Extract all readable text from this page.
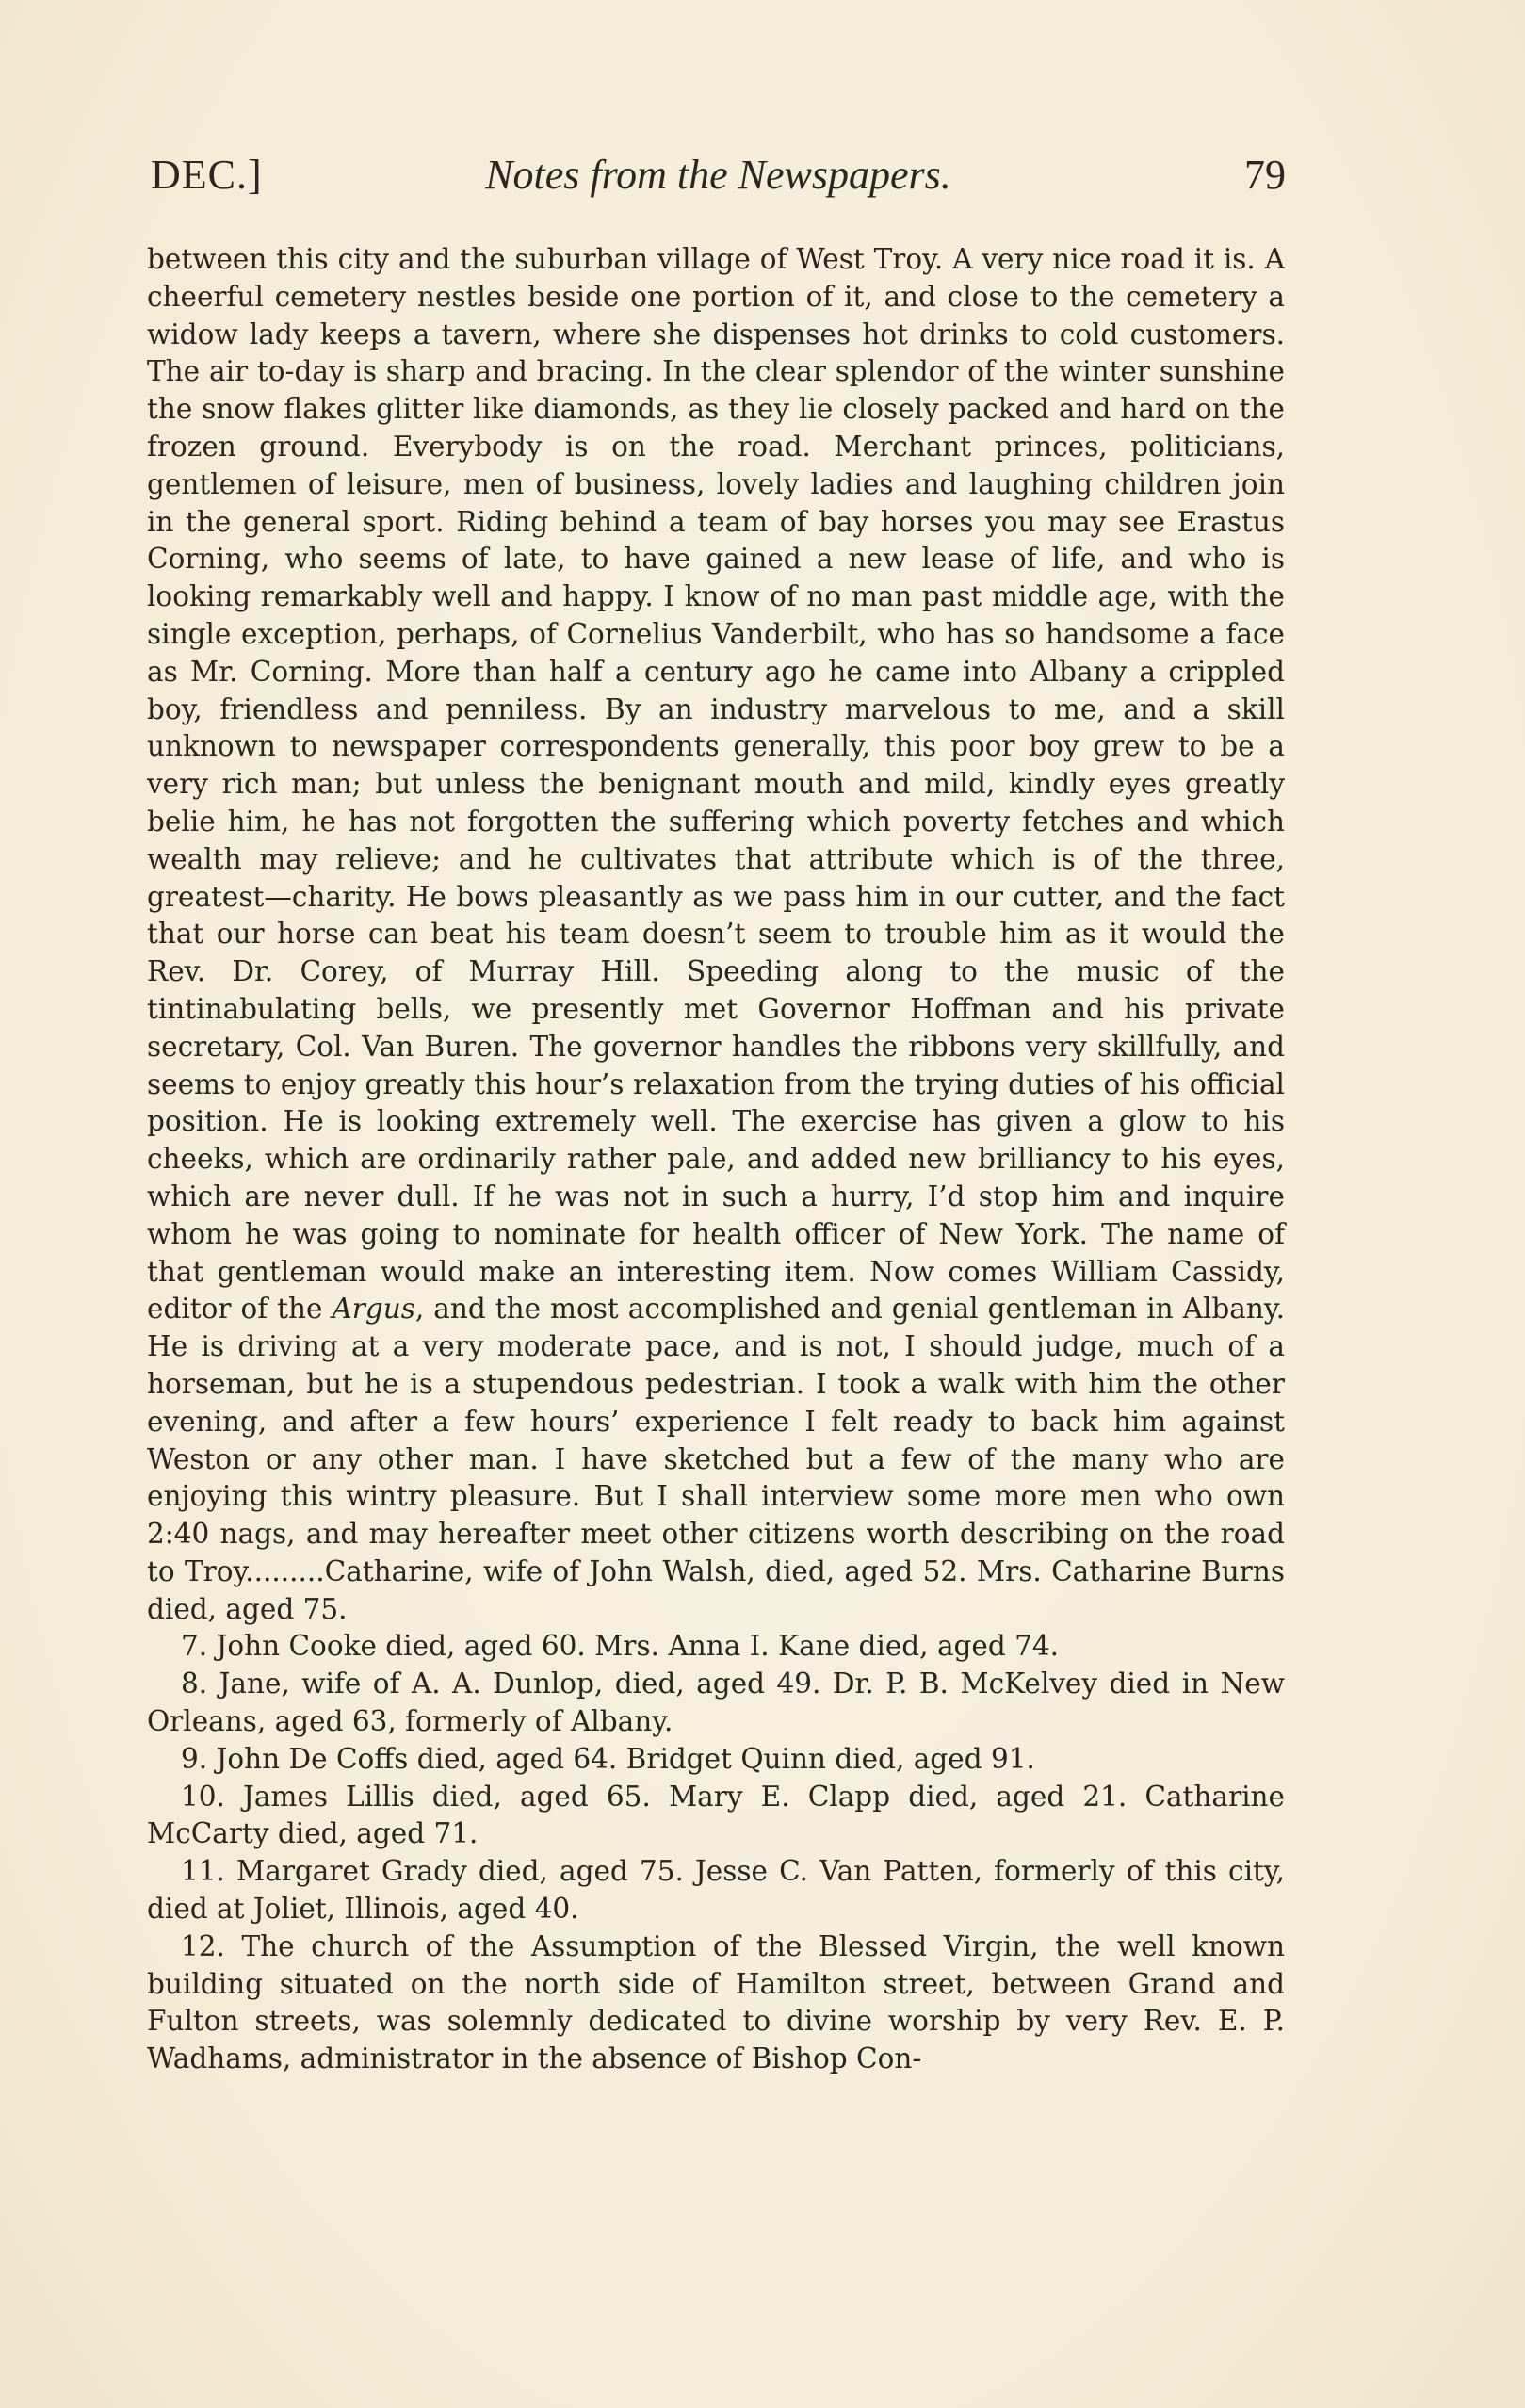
DEC.]	Notes from the Newspapers.	79

between this city and the suburban village of West Troy. A very nice road it is. A cheerful cemetery nestles beside one portion of it, and close to the cemetery a widow lady keeps a tavern, where she dispenses hot drinks to cold customers. The air to-day is sharp and bracing. In the clear splendor of the winter sunshine the snow flakes glitter like diamonds, as they lie closely packed and hard on the frozen ground. Everybody is on the road. Merchant princes, politicians, gentlemen of leisure, men of business, lovely ladies and laughing children join in the general sport. Riding behind a team of bay horses you may see Erastus Corning, who seems of late, to have gained a new lease of life, and who is looking remarkably well and happy. I know of no man past middle age, with the single exception, perhaps, of Cornelius Vanderbilt, who has so handsome a face as Mr. Corning. More than half a century ago he came into Albany a crippled boy, friendless and penniless. By an industry marvelous to me, and a skill unknown to newspaper correspondents generally, this poor boy grew to be a very rich man; but unless the benignant mouth and mild, kindly eyes greatly belie him, he has not forgotten the suffering which poverty fetches and which wealth may relieve; and he cultivates that attribute which is of the three, greatest—charity. He bows pleasantly as we pass him in our cutter, and the fact that our horse can beat his team doesn’t seem to trouble him as it would the Rev. Dr. Corey, of Murray Hill. Speeding along to the music of the tintinabulating bells, we presently met Governor Hoffman and his private secretary, Col. Van Buren. The governor handles the ribbons very skillfully, and seems to enjoy greatly this hour’s relaxation from the trying duties of his official position. He is looking extremely well. The exercise has given a glow to his cheeks, which are ordinarily rather pale, and added new brilliancy to his eyes, which are never dull. If he was not in such a hurry, I’d stop him and inquire whom he was going to nominate for health officer of New York. The name of that gentleman would make an interesting item. Now comes William Cassidy, editor of the Argus, and the most accomplished and genial gentleman in Albany. He is driving at a very moderate pace, and is not, I should judge, much of a horseman, but he is a stupendous pedestrian. I took a walk with him the other evening, and after a few hours’ experience I felt ready to back him against Weston or any other man. I have sketched but a few of the many who are enjoying this wintry pleasure. But I shall interview some more men who own 2:40 nags, and may hereafter meet other citizens worth describing on the road to Troy.........Catharine, wife of John Walsh, died, aged 52. Mrs. Catharine Burns died, aged 75.

7. John Cooke died, aged 60. Mrs. Anna I. Kane died, aged 74.

8. Jane, wife of A. A. Dunlop, died, aged 49. Dr. P. B. McKelvey died in New Orleans, aged 63, formerly of Albany.

9. John De Coffs died, aged 64. Bridget Quinn died, aged 91.

10. James Lillis died, aged 65. Mary E. Clapp died, aged 21. Catharine McCarty died, aged 71.

11. Margaret Grady died, aged 75. Jesse C. Van Patten, formerly of this city, died at Joliet, Illinois, aged 40.

12. The church of the Assumption of the Blessed Virgin, the well known building situated on the north side of Hamilton street, between Grand and Fulton streets, was solemnly dedicated to divine worship by very Rev. E. P. Wadhams, administrator in the absence of Bishop Con-
